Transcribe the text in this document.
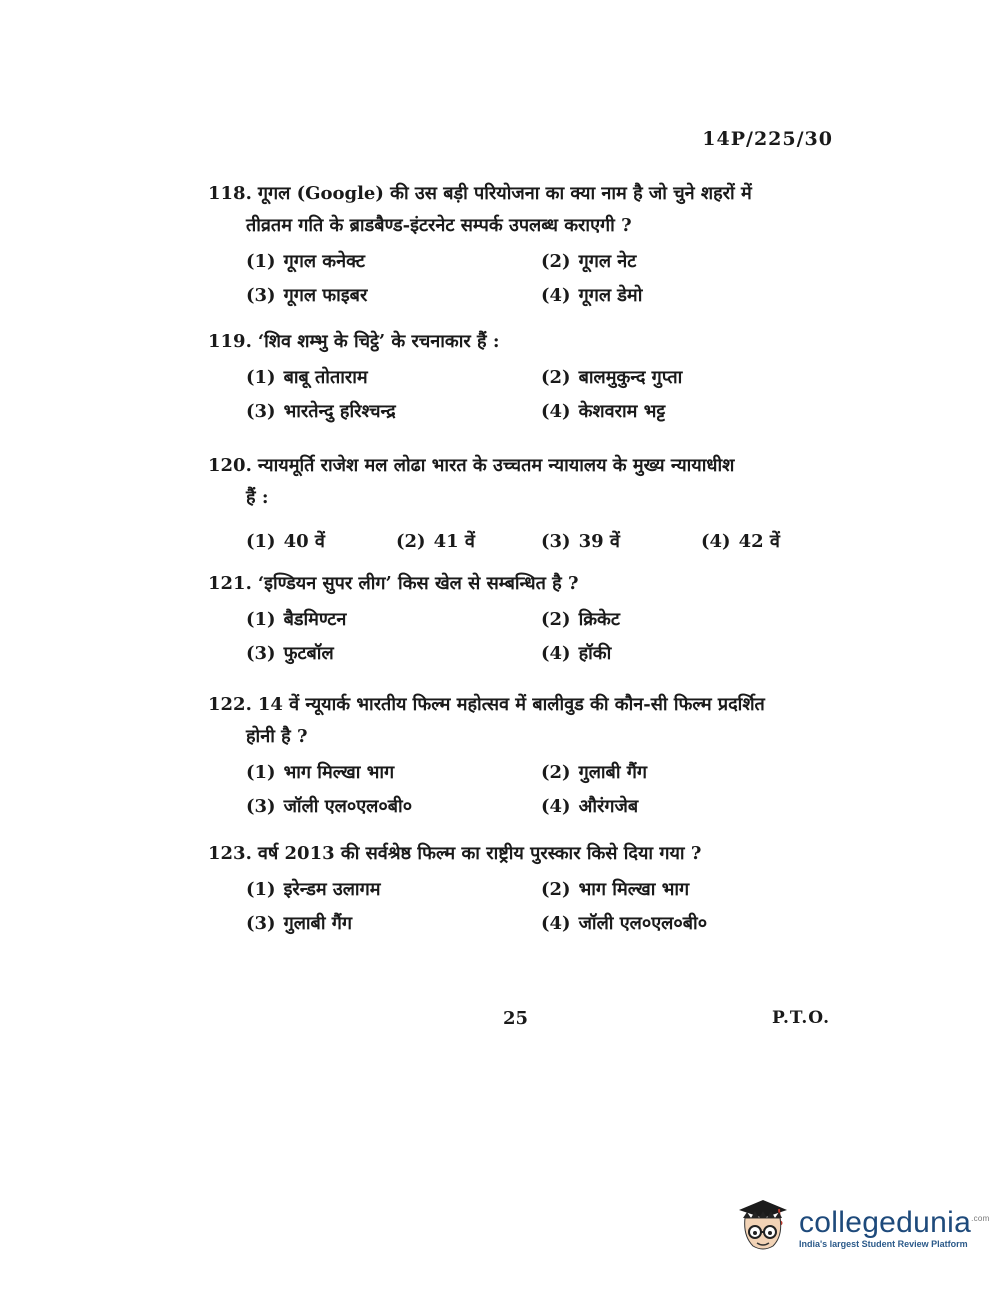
14P/225/30
118. गूगल (Google) की उस बड़ी परियोजना का क्या नाम है जो चुने शहरों में
तीव्रतम गति के ब्राडबैण्ड-इंटरनेट सम्पर्क उपलब्ध कराएगी ?
(1) गूगल कनेक्ट	(2) गूगल नेट
(3) गूगल फाइबर	(4) गूगल डेमो
119. ‘शिव शम्भु के चिट्ठे’ के रचनाकार हैं :
(1) बाबू तोताराम	(2) बालमुकुन्द गुप्ता
(3) भारतेन्दु हरिश्चन्द्र	(4) केशवराम भट्ट
120. न्यायमूर्ति राजेश मल लोढा भारत के उच्चतम न्यायालय के मुख्य न्यायाधीश
हैं :
(1) 40 वें	(2) 41 वें	(3) 39 वें	(4) 42 वें
121. ‘इण्डियन सुपर लीग’ किस खेल से सम्बन्धित है ?
(1) बैडमिण्टन	(2) क्रिकेट
(3) फुटबॉल	(4) हॉकी
122. 14 वें न्यूयार्क भारतीय फिल्म महोत्सव में बालीवुड की कौन-सी फिल्म प्रदर्शित
होनी है ?
(1) भाग मिल्खा भाग	(2) गुलाबी गैंग
(3) जॉली एल०एल०बी०	(4) औरंगजेब
123. वर्ष 2013 की सर्वश्रेष्ठ फिल्म का राष्ट्रीय पुरस्कार किसे दिया गया ?
(1) इरेन्डम उलागम	(2) भाग मिल्खा भाग
(3) गुलाबी गैंग	(4) जॉली एल०एल०बी०
25	P.T.O.
collegedunia$^{.com}$
India's largest Student Review Platform
